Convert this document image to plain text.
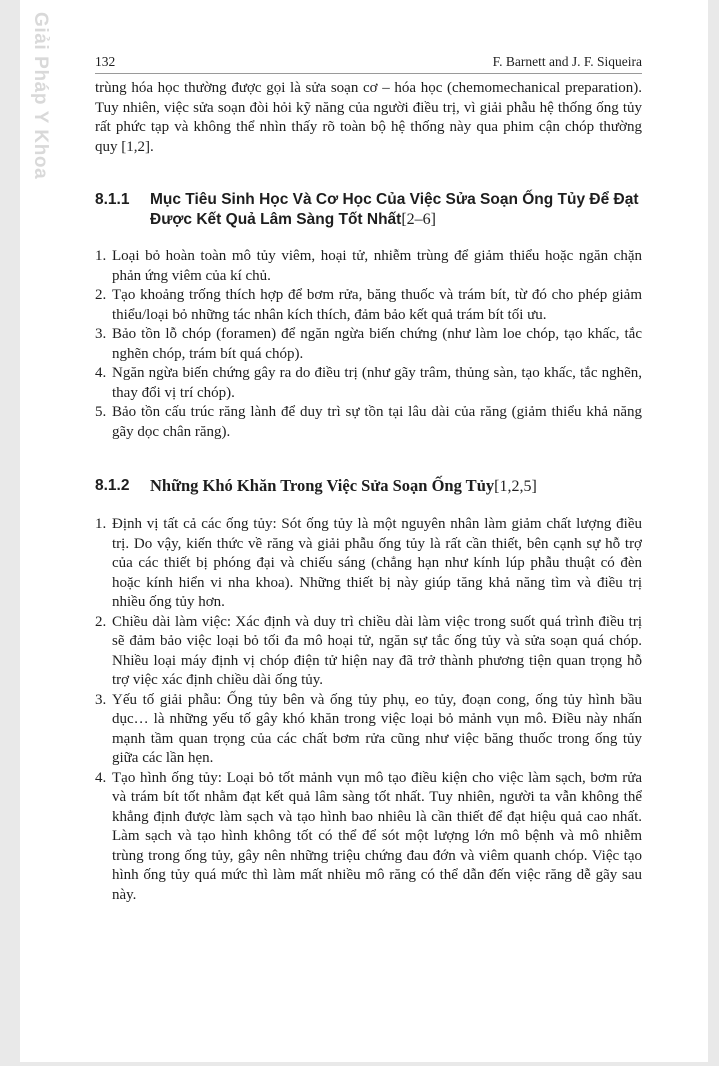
Giải Pháp Y Khoa	132	F. Barnett and J. F. Siqueira

trùng hóa học thường được gọi là sửa soạn cơ – hóa học (chemomechanical preparation). Tuy nhiên, việc sửa soạn đòi hỏi kỹ năng của người điều trị, vì giải phẫu hệ thống ống tủy rất phức tạp và không thể nhìn thấy rõ toàn bộ hệ thống này qua phim cận chóp thường quy [1,2].

8.1.1 Mục Tiêu Sinh Học Và Cơ Học Của Việc Sửa Soạn Ống Tủy Để Đạt Được Kết Quả Lâm Sàng Tốt Nhất[2–6]
1. Loại bỏ hoàn toàn mô tủy viêm, hoại tử, nhiễm trùng để giảm thiểu hoặc ngăn chặn phản ứng viêm của kí chủ.
2. Tạo khoảng trống thích hợp để bơm rửa, băng thuốc và trám bít, từ đó cho phép giảm thiểu/loại bỏ những tác nhân kích thích, đảm bảo kết quả trám bít tối ưu.
3. Bảo tồn lỗ chóp (foramen) để ngăn ngừa biến chứng (như làm loe chóp, tạo khấc, tắc nghẽn chóp, trám bít quá chóp).
4. Ngăn ngừa biến chứng gây ra do điều trị (như gãy trâm, thủng sàn, tạo khấc, tắc nghẽn, thay đổi vị trí chóp).
5. Bảo tồn cấu trúc răng lành để duy trì sự tồn tại lâu dài của răng (giảm thiểu khả năng gãy dọc chân răng).
8.1.2 Những Khó Khăn Trong Việc Sửa Soạn Ống Tủy[1,2,5]
1. Định vị tất cả các ống tủy: Sót ống tủy là một nguyên nhân làm giảm chất lượng điều trị. Do vậy, kiến thức về răng và giải phẫu ống tủy là rất cần thiết, bên cạnh sự hỗ trợ của các thiết bị phóng đại và chiếu sáng (chẳng hạn như kính lúp phẫu thuật có đèn hoặc kính hiển vi nha khoa). Những thiết bị này giúp tăng khả năng tìm và điều trị nhiều ống tủy hơn.
2. Chiều dài làm việc: Xác định và duy trì chiều dài làm việc trong suốt quá trình điều trị sẽ đảm bảo việc loại bỏ tối đa mô hoại tử, ngăn sự tắc ống tủy và sửa soạn quá chóp. Nhiều loại máy định vị chóp điện tử hiện nay đã trở thành phương tiện quan trọng hỗ trợ việc xác định chiều dài ống tủy.
3. Yếu tố giải phẫu: Ống tủy bên và ống tủy phụ, eo tủy, đoạn cong, ống tủy hình bầu dục… là những yếu tố gây khó khăn trong việc loại bỏ mảnh vụn mô. Điều này nhấn mạnh tầm quan trọng của các chất bơm rửa cũng như việc băng thuốc trong ống tủy giữa các lần hẹn.
4. Tạo hình ống tủy: Loại bỏ tốt mảnh vụn mô tạo điều kiện cho việc làm sạch, bơm rửa và trám bít tốt nhằm đạt kết quả lâm sàng tốt nhất. Tuy nhiên, người ta vẫn không thể khẳng định được làm sạch và tạo hình bao nhiêu là cần thiết để đạt hiệu quả cao nhất. Làm sạch và tạo hình không tốt có thể để sót một lượng lớn mô bệnh và mô nhiễm trùng trong ống tủy, gây nên những triệu chứng đau đớn và viêm quanh chóp. Việc tạo hình ống tủy quá mức thì làm mất nhiều mô răng có thể dẫn đến việc răng dễ gãy sau này.
